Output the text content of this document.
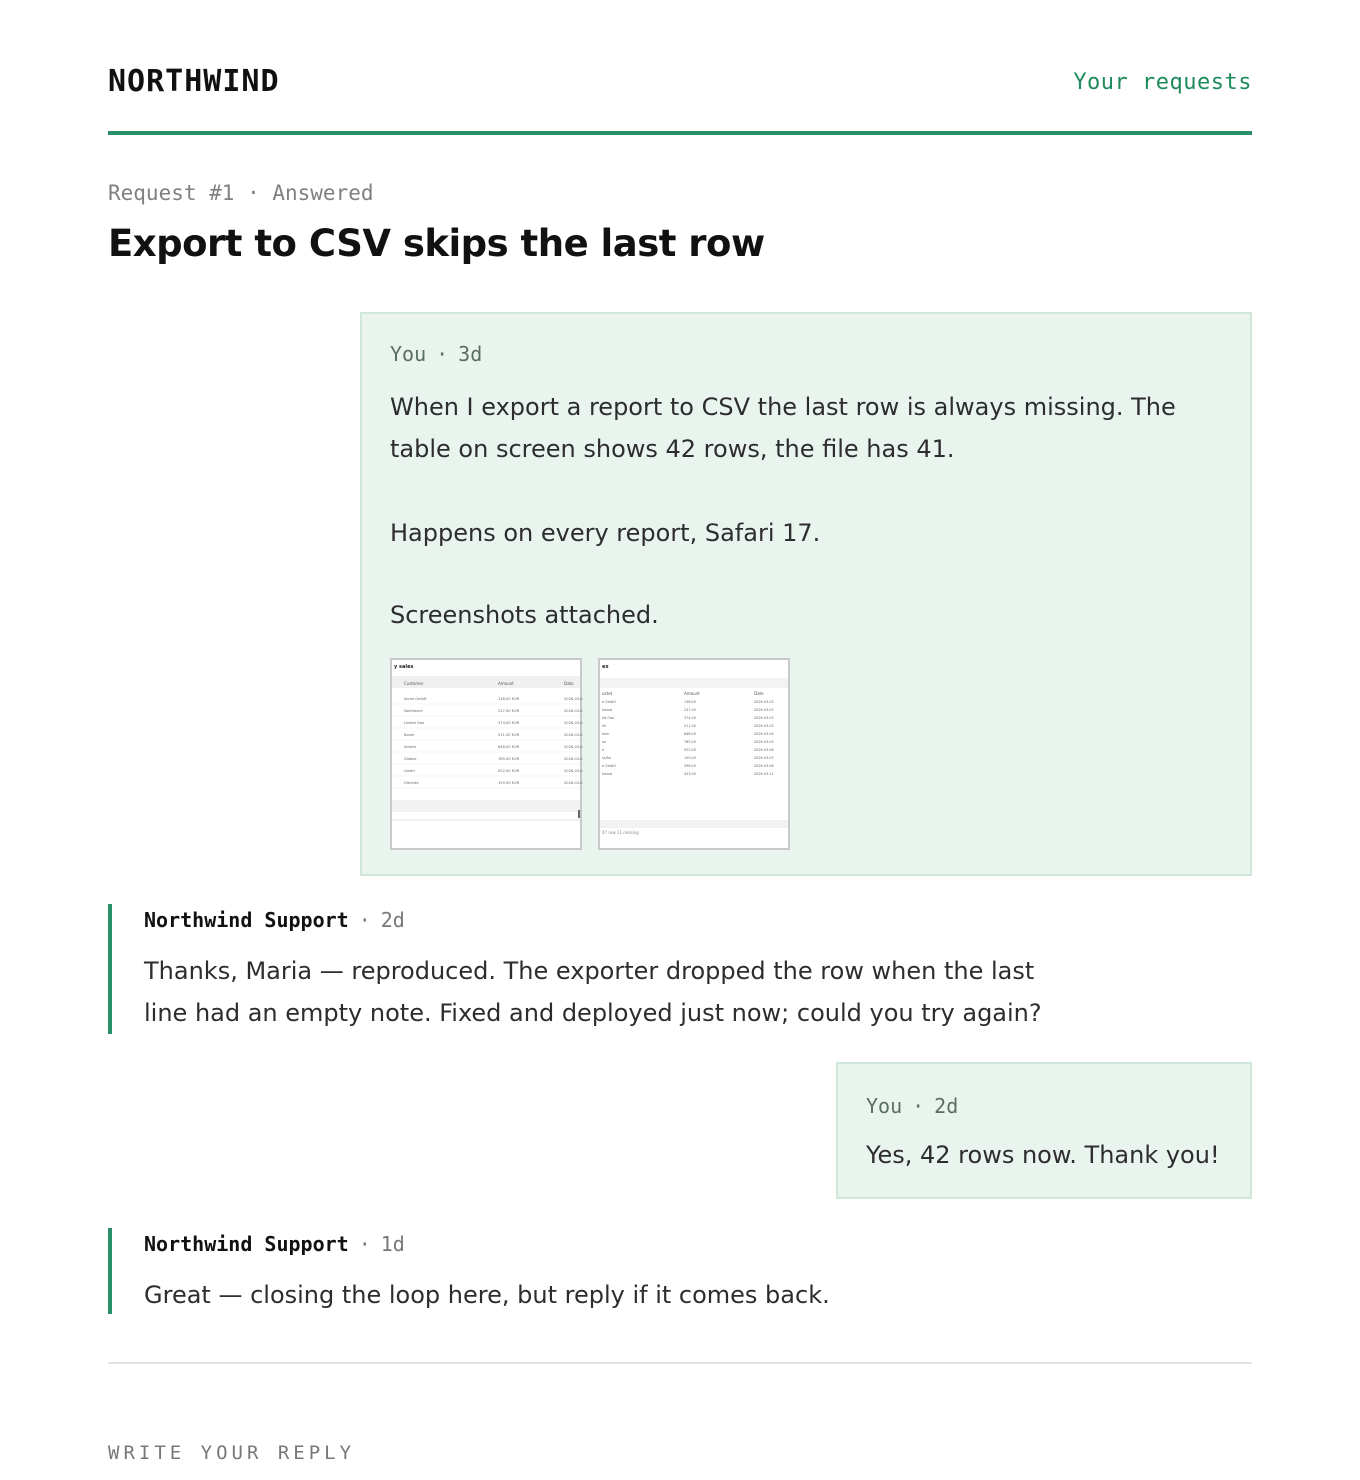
NORTHWIND	Your requests
Request #1 · Answered
Export to CSV skips the last row
You · 3d
When I export a report to CSV the last row is always missing. The table on screen shows 42 rows, the file has 41.
Happens on every report, Safari 17.
Screenshots attached.
y sales
Customer	Amount	Date
Acme GmbH	138,00 EUR	2026-03-0
Northwind	237,00 EUR	2026-03-0
Linked Ooo	374,00 EUR	2026-03-0
Borek	511,00 EUR	2026-03-0
Initech	648,00 EUR	2026-03-0
Globex	785,00 EUR	2026-03-0
Umbrl	922,00 EUR	2026-03-0
Ultra/ite	159,00 EUR	2026-03-0
ex
ustet	Amount	Date
e GmbH	138,00	2026-03-02
hwind	237,00	2026-03-01
ed Ooo	374,00	2026-03-03
ek	511,00	2026-03-02
tech	648,00	2026-03-04
ex	785,00	2026-03-05
rl	922,00	2026-03-06
ra/ite	159,00	2026-03-07
e GmbH	296,00	2026-03-08
hwind	433,00	2026-03-11
47 row 11 missing
Northwind Support · 2d
Thanks, Maria — reproduced. The exporter dropped the row when the last line had an empty note. Fixed and deployed just now; could you try again?
You · 2d
Yes, 42 rows now. Thank you!
Northwind Support · 1d
Great — closing the loop here, but reply if it comes back.
WRITE YOUR REPLY
